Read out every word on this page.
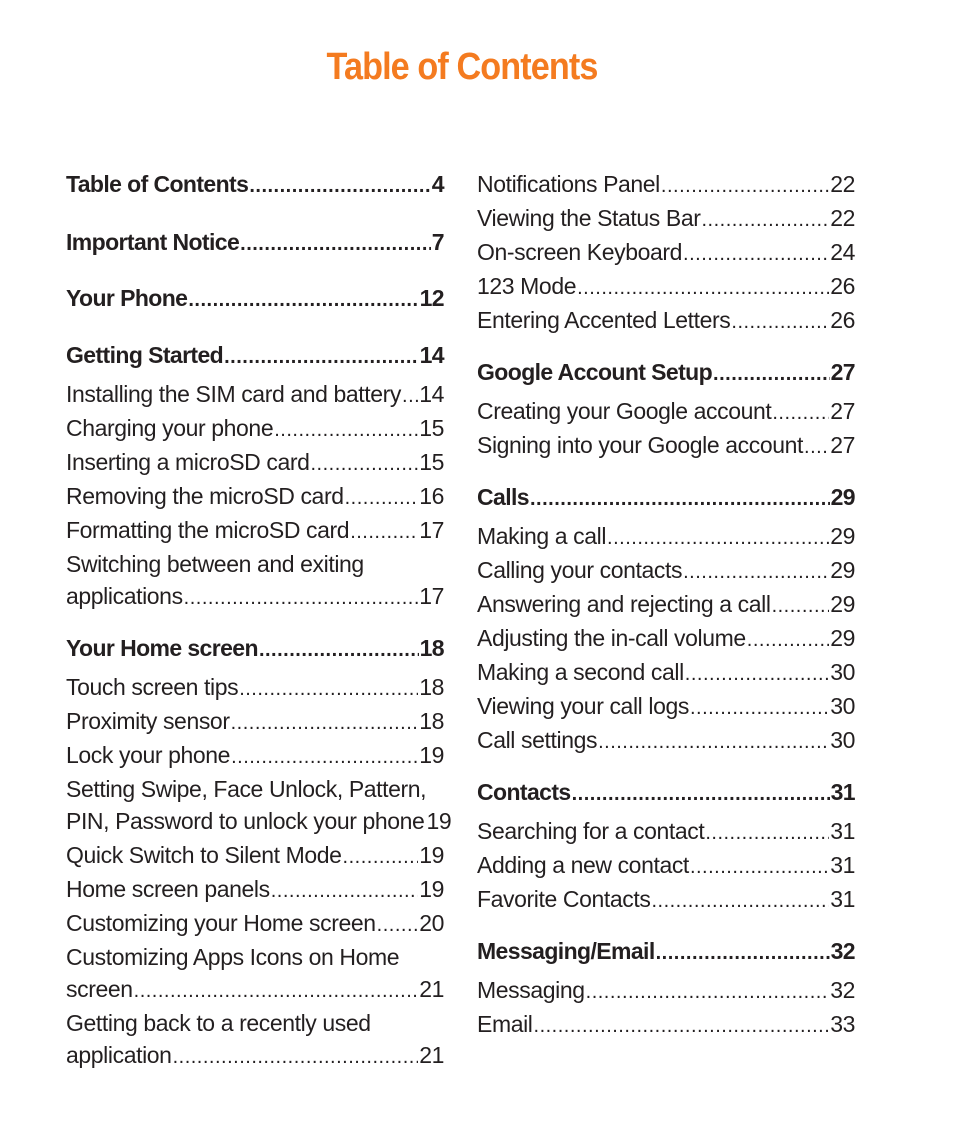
Table of Contents
Table of Contents .....	4
Important Notice .....	7
Your Phone .....	12
Getting Started .....	14
Installing the SIM card and battery ..... 14
Charging your phone .....	15
Inserting a microSD card .....	15
Removing the microSD card .....	16
Formatting the microSD card .....	17
Switching between and exiting
applications .....	17
Your Home screen .....	18
Touch screen tips .....	18
Proximity sensor .....	18
Lock your phone .....	19
Setting Swipe, Face Unlock, Pattern,
PIN, Password to unlock your phone 19
Quick Switch to Silent Mode .....	19
Home screen panels .....	19
Customizing your Home screen ..... 20
Customizing Apps Icons on Home
screen .....	21
Getting back to a recently used
application .....	21
Notifications Panel .....	22
Viewing the Status Bar .....	22
On-screen Keyboard .....	24
123 Mode .....	26
Entering Accented Letters .....	26
Google Account Setup .....	27
Creating your Google account .....	27
Signing into your Google account ..... 27
Calls .....	29
Making a call .....	29
Calling your contacts .....	29
Answering and rejecting a call .....	29
Adjusting the in-call volume .....	29
Making a second call .....	30
Viewing your call logs .....	30
Call settings .....	30
Contacts .....	31
Searching for a contact .....	31
Adding a new contact .....	31
Favorite Contacts .....	31
Messaging/Email .....	32
Messaging .....	32
Email .....	33
